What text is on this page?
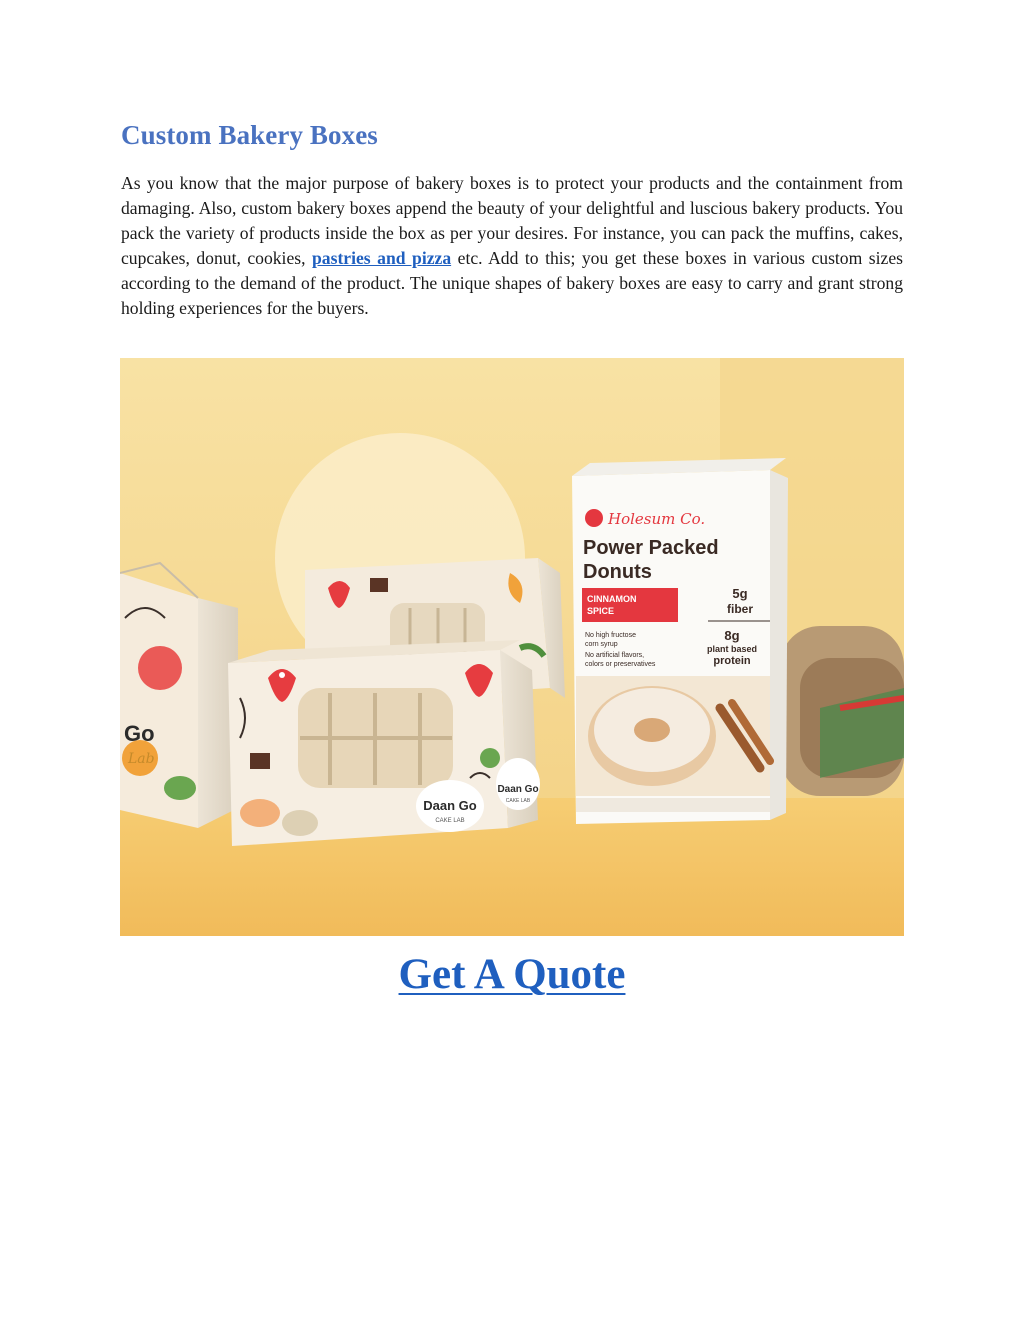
Custom Bakery Boxes

As you know that the major purpose of bakery boxes is to protect your products and the containment from damaging. Also, custom bakery boxes append the beauty of your delightful and luscious bakery products. You pack the variety of products inside the box as per your desires. For instance, you can pack the muffins, cakes, cupcakes, donut, cookies, pastries and pizza etc. Add to this; you get these boxes in various custom sizes according to the demand of the product. The unique shapes of bakery boxes are easy to carry and grant strong holding experiences for the buyers.

Go
Lab
Daan Go
CAKE LAB
Daan Go
CAKE LAB
Holesum Co.
Power Packed
Donuts
CINNAMON
SPICE
5g
fiber
8g
plant based
protein
No high fructose
corn syrup
No artificial flavors,
colors or preservatives
Get A Quote
